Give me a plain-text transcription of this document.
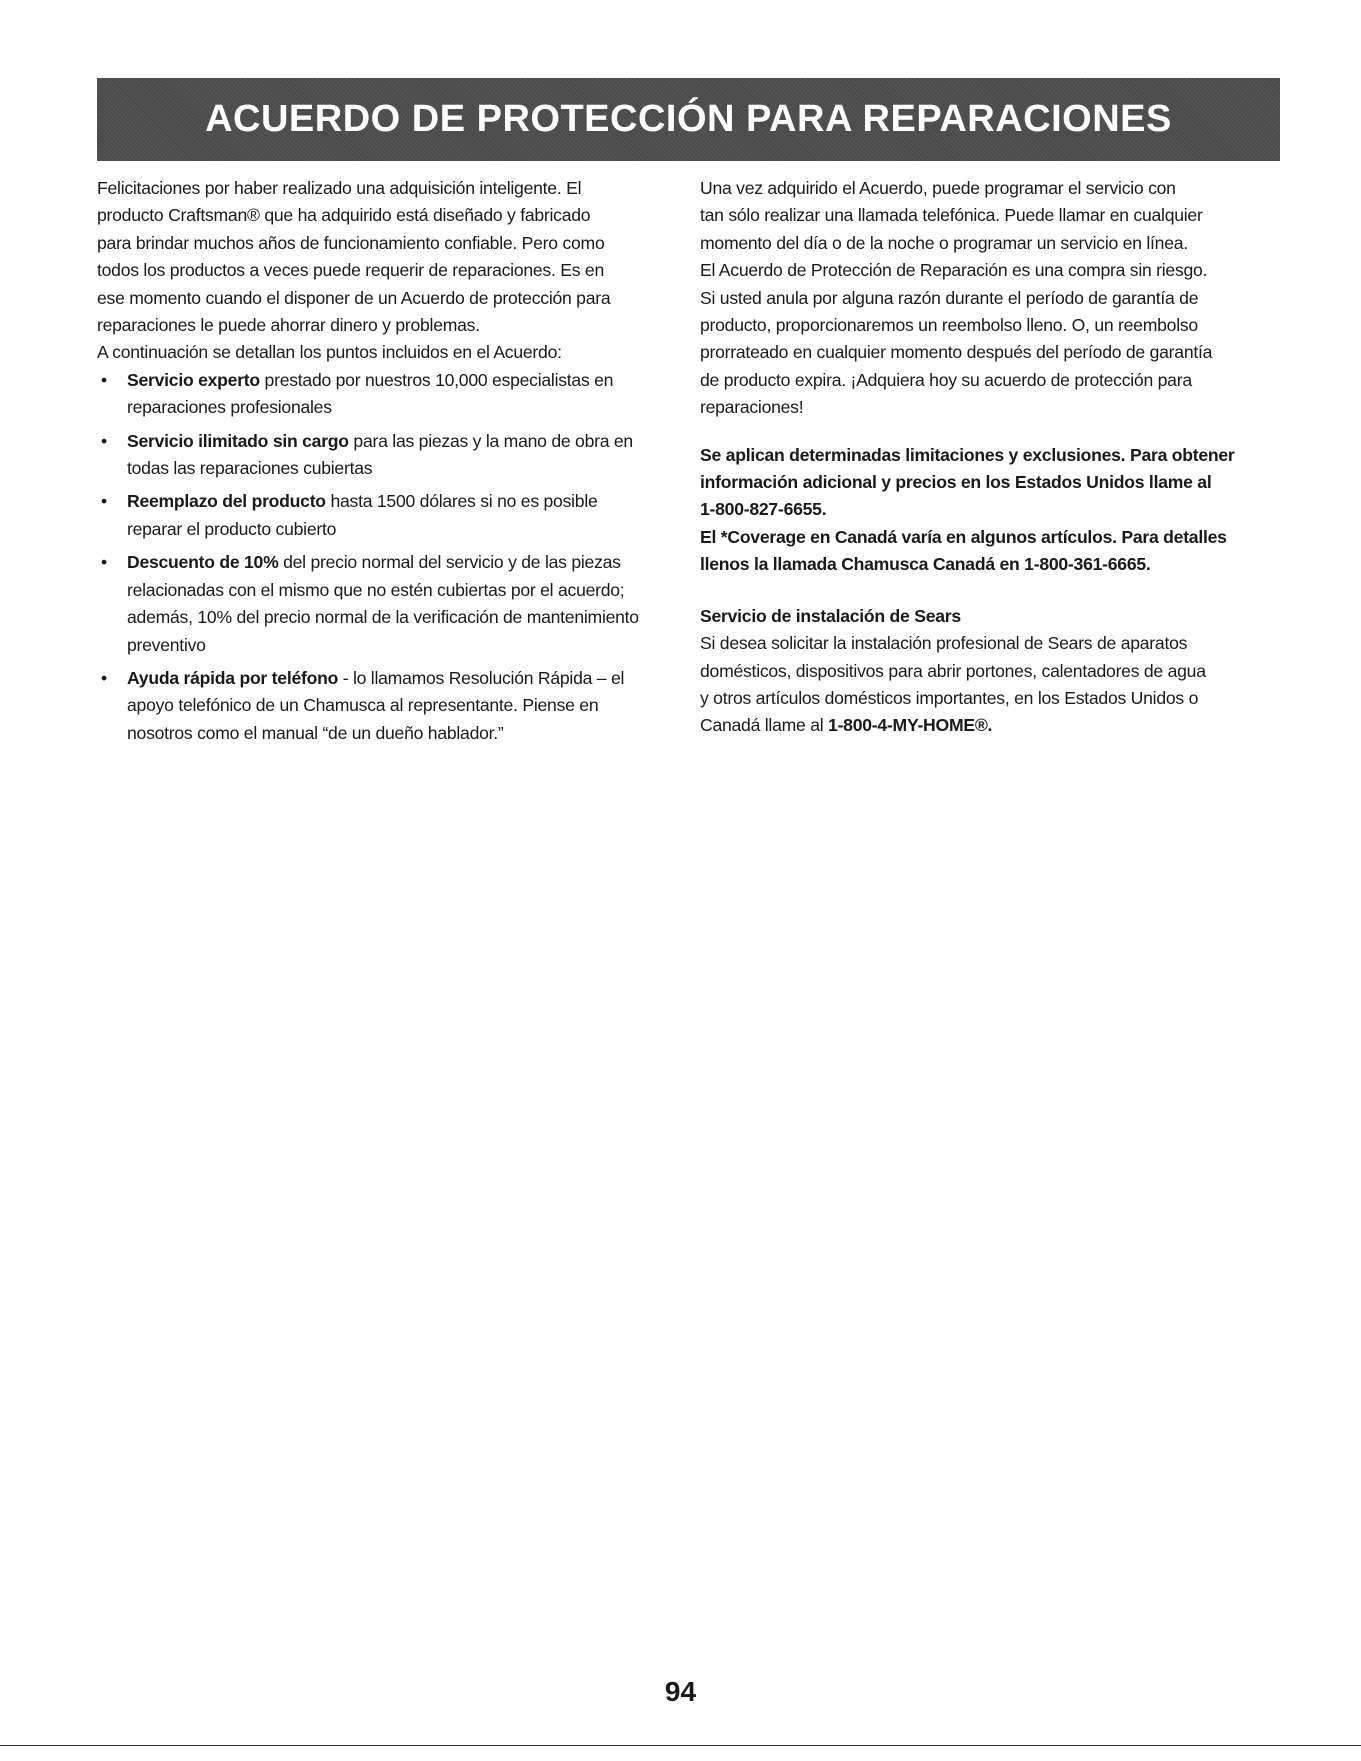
ACUERDO DE PROTECCIÓN PARA REPARACIONES

Felicitaciones por haber realizado una adquisición inteligente. El
producto Craftsman® que ha adquirido está diseñado y fabricado
para brindar muchos años de funcionamiento confiable. Pero como
todos los productos a veces puede requerir de reparaciones. Es en
ese momento cuando el disponer de un Acuerdo de protección para
reparaciones le puede ahorrar dinero y problemas.
A continuación se detallan los puntos incluidos en el Acuerdo:

• Servicio experto prestado por nuestros 10,000 especialistas en
reparaciones profesionales
• Servicio ilimitado sin cargo para las piezas y la mano de obra en
todas las reparaciones cubiertas
• Reemplazo del producto hasta 1500 dólares si no es posible
reparar el producto cubierto
• Descuento de 10% del precio normal del servicio y de las piezas
relacionadas con el mismo que no estén cubiertas por el acuerdo;
además, 10% del precio normal de la verificación de mantenimiento
preventivo
• Ayuda rápida por teléfono - lo llamamos Resolución Rápida – el
apoyo telefónico de un Chamusca al representante. Piense en
nosotros como el manual “de un dueño hablador.”

Una vez adquirido el Acuerdo, puede programar el servicio con
tan sólo realizar una llamada telefónica. Puede llamar en cualquier
momento del día o de la noche o programar un servicio en línea.
El Acuerdo de Protección de Reparación es una compra sin riesgo.
Si usted anula por alguna razón durante el período de garantía de
producto, proporcionaremos un reembolso lleno. O, un reembolso
prorrateado en cualquier momento después del período de garantía
de producto expira. ¡Adquiera hoy su acuerdo de protección para
reparaciones!

Se aplican determinadas limitaciones y exclusiones. Para obtener
información adicional y precios en los Estados Unidos llame al
1-800-827-6655.
El *Coverage en Canadá varía en algunos artículos. Para detalles
llenos la llamada Chamusca Canadá en 1-800-361-6665.

Servicio de instalación de Sears

Si desea solicitar la instalación profesional de Sears de aparatos
domésticos, dispositivos para abrir portones, calentadores de agua
y otros artículos domésticos importantes, en los Estados Unidos o
Canadá llame al 1-800-4-MY-HOME®.

94
